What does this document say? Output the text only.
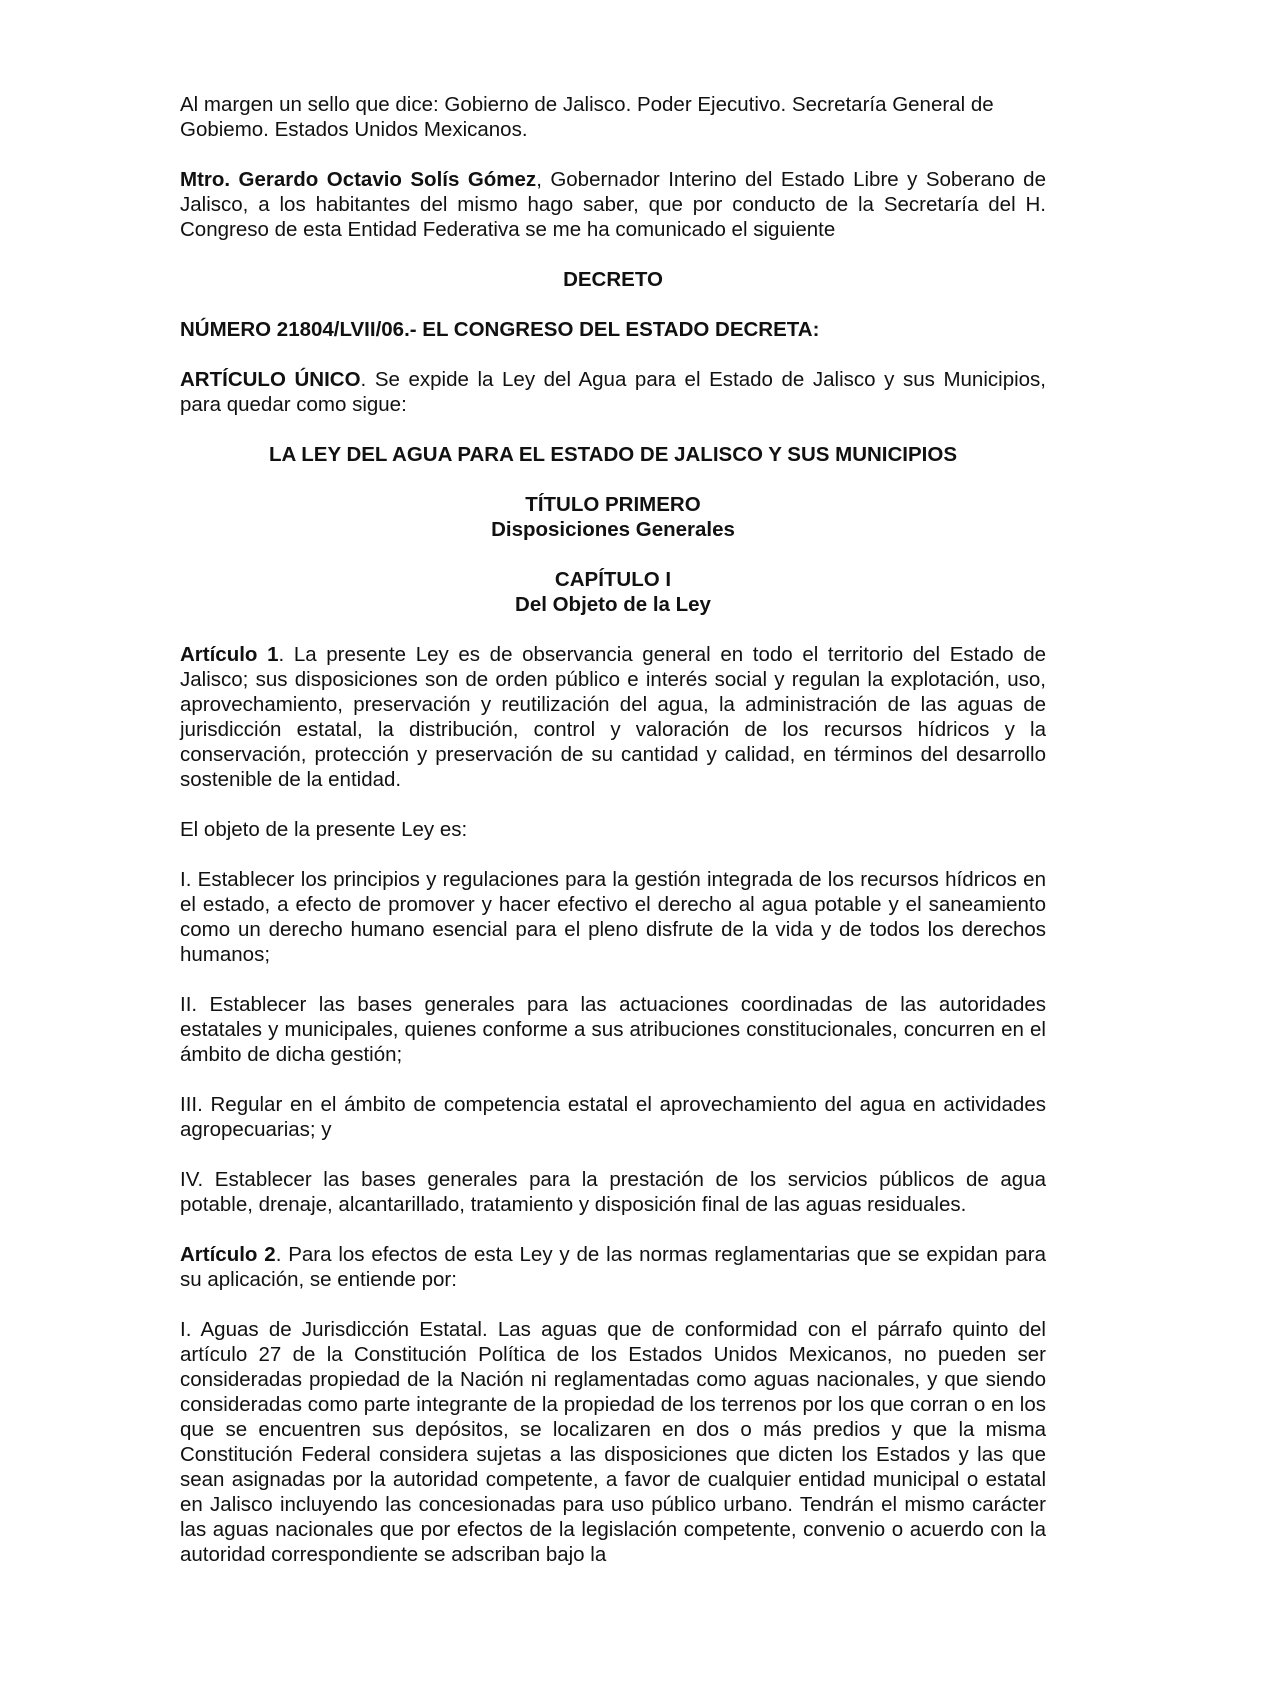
Al margen un sello que dice: Gobierno de Jalisco. Poder Ejecutivo. Secretaría General de Gobiemo. Estados Unidos Mexicanos.

Mtro. Gerardo Octavio Solís Gómez, Gobernador Interino del Estado Libre y Soberano de Jalisco, a los habitantes del mismo hago saber, que por conducto de la Secretaría del H. Congreso de esta Entidad Federativa se me ha comunicado el siguiente

DECRETO

NÚMERO 21804/LVII/06.- EL CONGRESO DEL ESTADO DECRETA:

ARTÍCULO ÚNICO. Se expide la Ley del Agua para el Estado de Jalisco y sus Municipios, para quedar como sigue:

LA LEY DEL AGUA PARA EL ESTADO DE JALISCO Y SUS MUNICIPIOS
TÍTULO PRIMERO
Disposiciones Generales
CAPÍTULO I
Del Objeto de la Ley

Artículo 1. La presente Ley es de observancia general en todo el territorio del Estado de Jalisco; sus disposiciones son de orden público e interés social y regulan la explotación, uso, aprovechamiento, preservación y reutilización del agua, la administración de las aguas de jurisdicción estatal, la distribución, control y valoración de los recursos hídricos y la conservación, protección y preservación de su cantidad y calidad, en términos del desarrollo sostenible de la entidad.

El objeto de la presente Ley es:

I. Establecer los principios y regulaciones para la gestión integrada de los recursos hídricos en el estado, a efecto de promover y hacer efectivo el derecho al agua potable y el saneamiento como un derecho humano esencial para el pleno disfrute de la vida y de todos los derechos humanos;

II. Establecer las bases generales para las actuaciones coordinadas de las autoridades estatales y municipales, quienes conforme a sus atribuciones constitucionales, concurren en el ámbito de dicha gestión;

III. Regular en el ámbito de competencia estatal el aprovechamiento del agua en actividades agropecuarias; y

IV. Establecer las bases generales para la prestación de los servicios públicos de agua potable, drenaje, alcantarillado, tratamiento y disposición final de las aguas residuales.

Artículo 2. Para los efectos de esta Ley y de las normas reglamentarias que se expidan para su aplicación, se entiende por:

I. Aguas de Jurisdicción Estatal. Las aguas que de conformidad con el párrafo quinto del artículo 27 de la Constitución Política de los Estados Unidos Mexicanos, no pueden ser consideradas propiedad de la Nación ni reglamentadas como aguas nacionales, y que siendo consideradas como parte integrante de la propiedad de los terrenos por los que corran o en los que se encuentren sus depósitos, se localizaren en dos o más predios y que la misma Constitución Federal considera sujetas a las disposiciones que dicten los Estados y las que sean asignadas por la autoridad competente, a favor de cualquier entidad municipal o estatal en Jalisco incluyendo las concesionadas para uso público urbano. Tendrán el mismo carácter las aguas nacionales que por efectos de la legislación competente, convenio o acuerdo con la autoridad correspondiente se adscriban bajo la
